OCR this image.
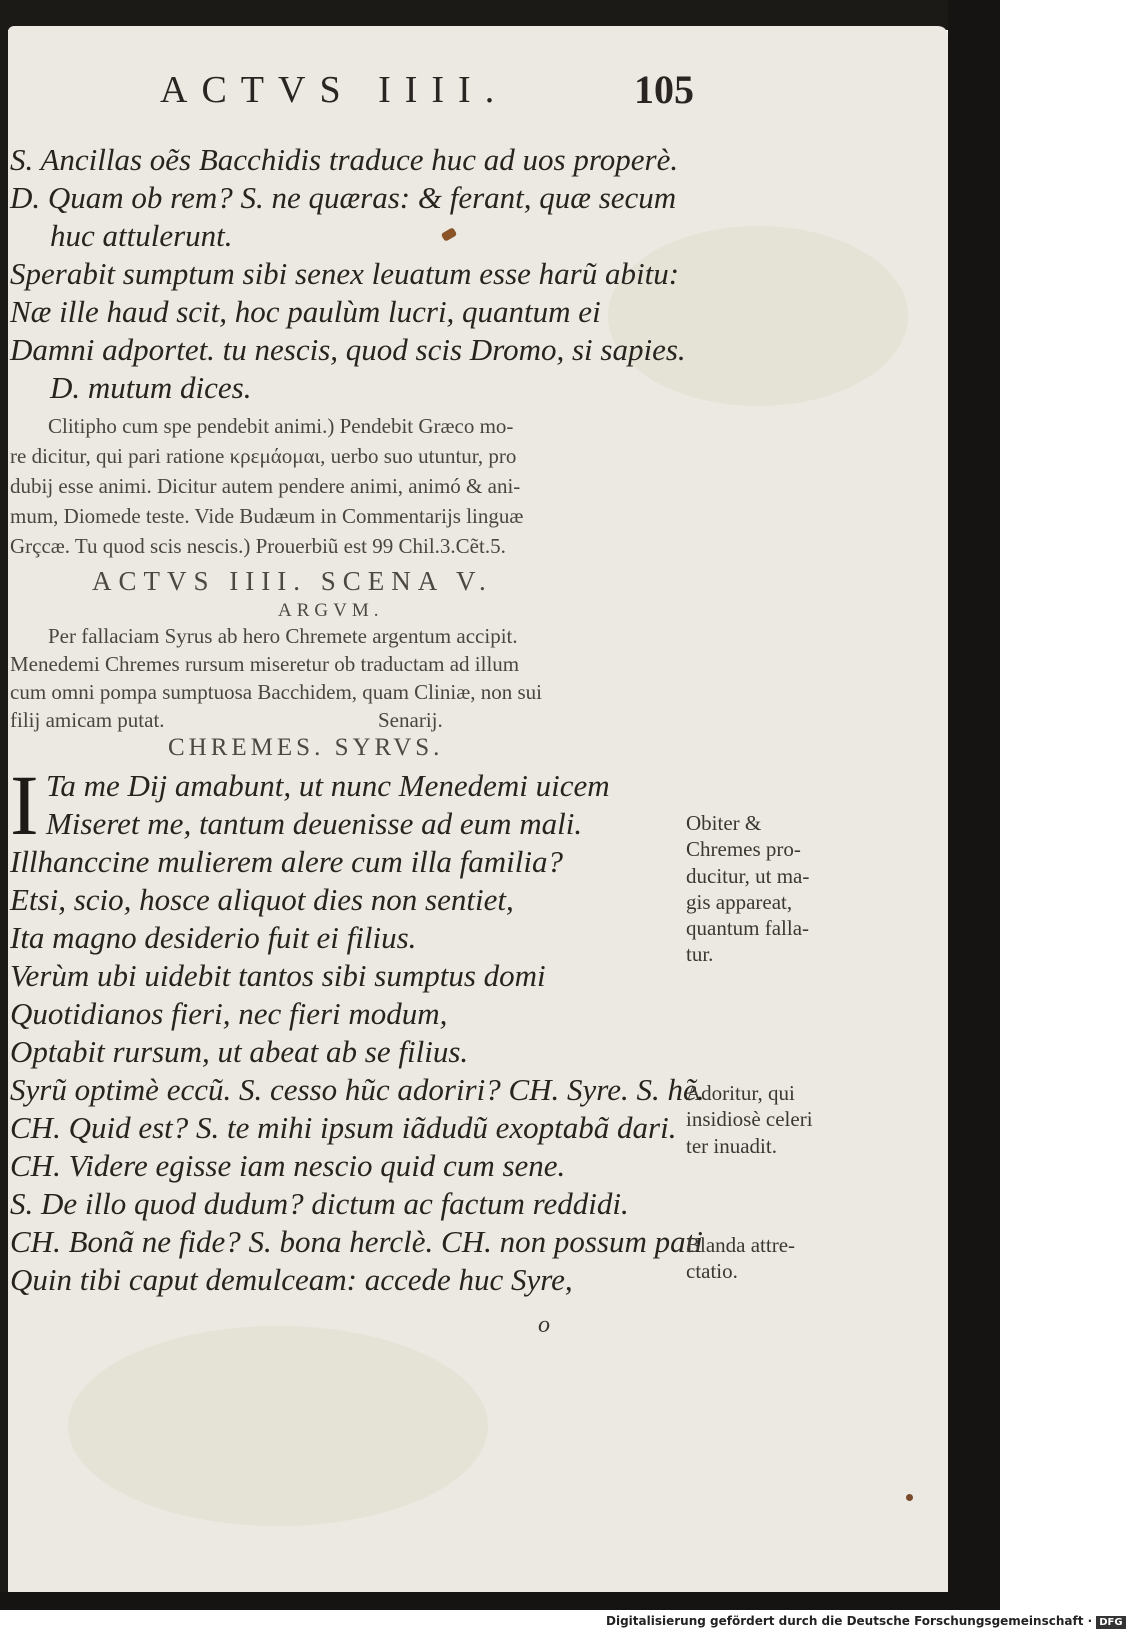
ACTVS IIII.	105
S. Ancillas oẽs Bacchidis traduce huc ad uos properè.
D. Quam ob rem? S. ne quæras: & ferant, quæ secum
huc attulerunt.
Sperabit sumptum sibi senex leuatum esse harũ abitu:
Næ ille haud scit, hoc paulùm lucri, quantum ei
Damni adportet. tu nescis, quod scis Dromo, si sapies.
D. mutum dices.
Clitipho cum spe pendebit animi.) Pendebit Græco mo-
re dicitur, qui pari ratione κρεμάομαι, uerbo suo utuntur, pro
dubij esse animi. Dicitur autem pendere animi, animó & ani-
mum, Diomede teste. Vide Budæum in Commentarijs linguæ
Grçcæ. Tu quod scis nescis.) Prouerbiũ est 99 Chil.3.Cẽt.5.
ACTVS IIII. SCENA V.
ARGVM.
Per fallaciam Syrus ab hero Chremete argentum accipit.
Menedemi Chremes rursum miseretur ob traductam ad illum
cum omni pompa sumptuosa Bacchidem, quam Cliniæ, non sui
filij amicam putat.	Senarij.
CHREMES. SYRVS.
I Ta me Dij amabunt, ut nunc Menedemi uicem
Miseret me, tantum deuenisse ad eum mali.
Illhanccine mulierem alere cum illa familia?
Etsi, scio, hosce aliquot dies non sentiet,
Ita magno desiderio fuit ei filius.
Verùm ubi uidebit tantos sibi sumptus domi
Quotidianos fieri, nec fieri modum,
Optabit rursum, ut abeat ab se filius.
Syrũ optimè eccũ. S. cesso hũc adoriri? CH. Syre. S. hẽ.
CH. Quid est? S. te mihi ipsum iãdudũ exoptabã dari.
CH. Videre egisse iam nescio quid cum sene.
S. De illo quod dudum? dictum ac factum reddidi.
CH. Bonã ne fide? S. bona herclè. CH. non possum pati
Quin tibi caput demulceam: accede huc Syre,
Obiter &
Chremes pro-
ducitur, ut ma-
gis appareat,
quantum falla-
tur.
Adoritur, qui
insidiosè celeri
ter inuadit.
Blanda attre-
ctatio.
o
Digitalisierung gefördert durch die Deutsche Forschungsgemeinschaft · DFG
